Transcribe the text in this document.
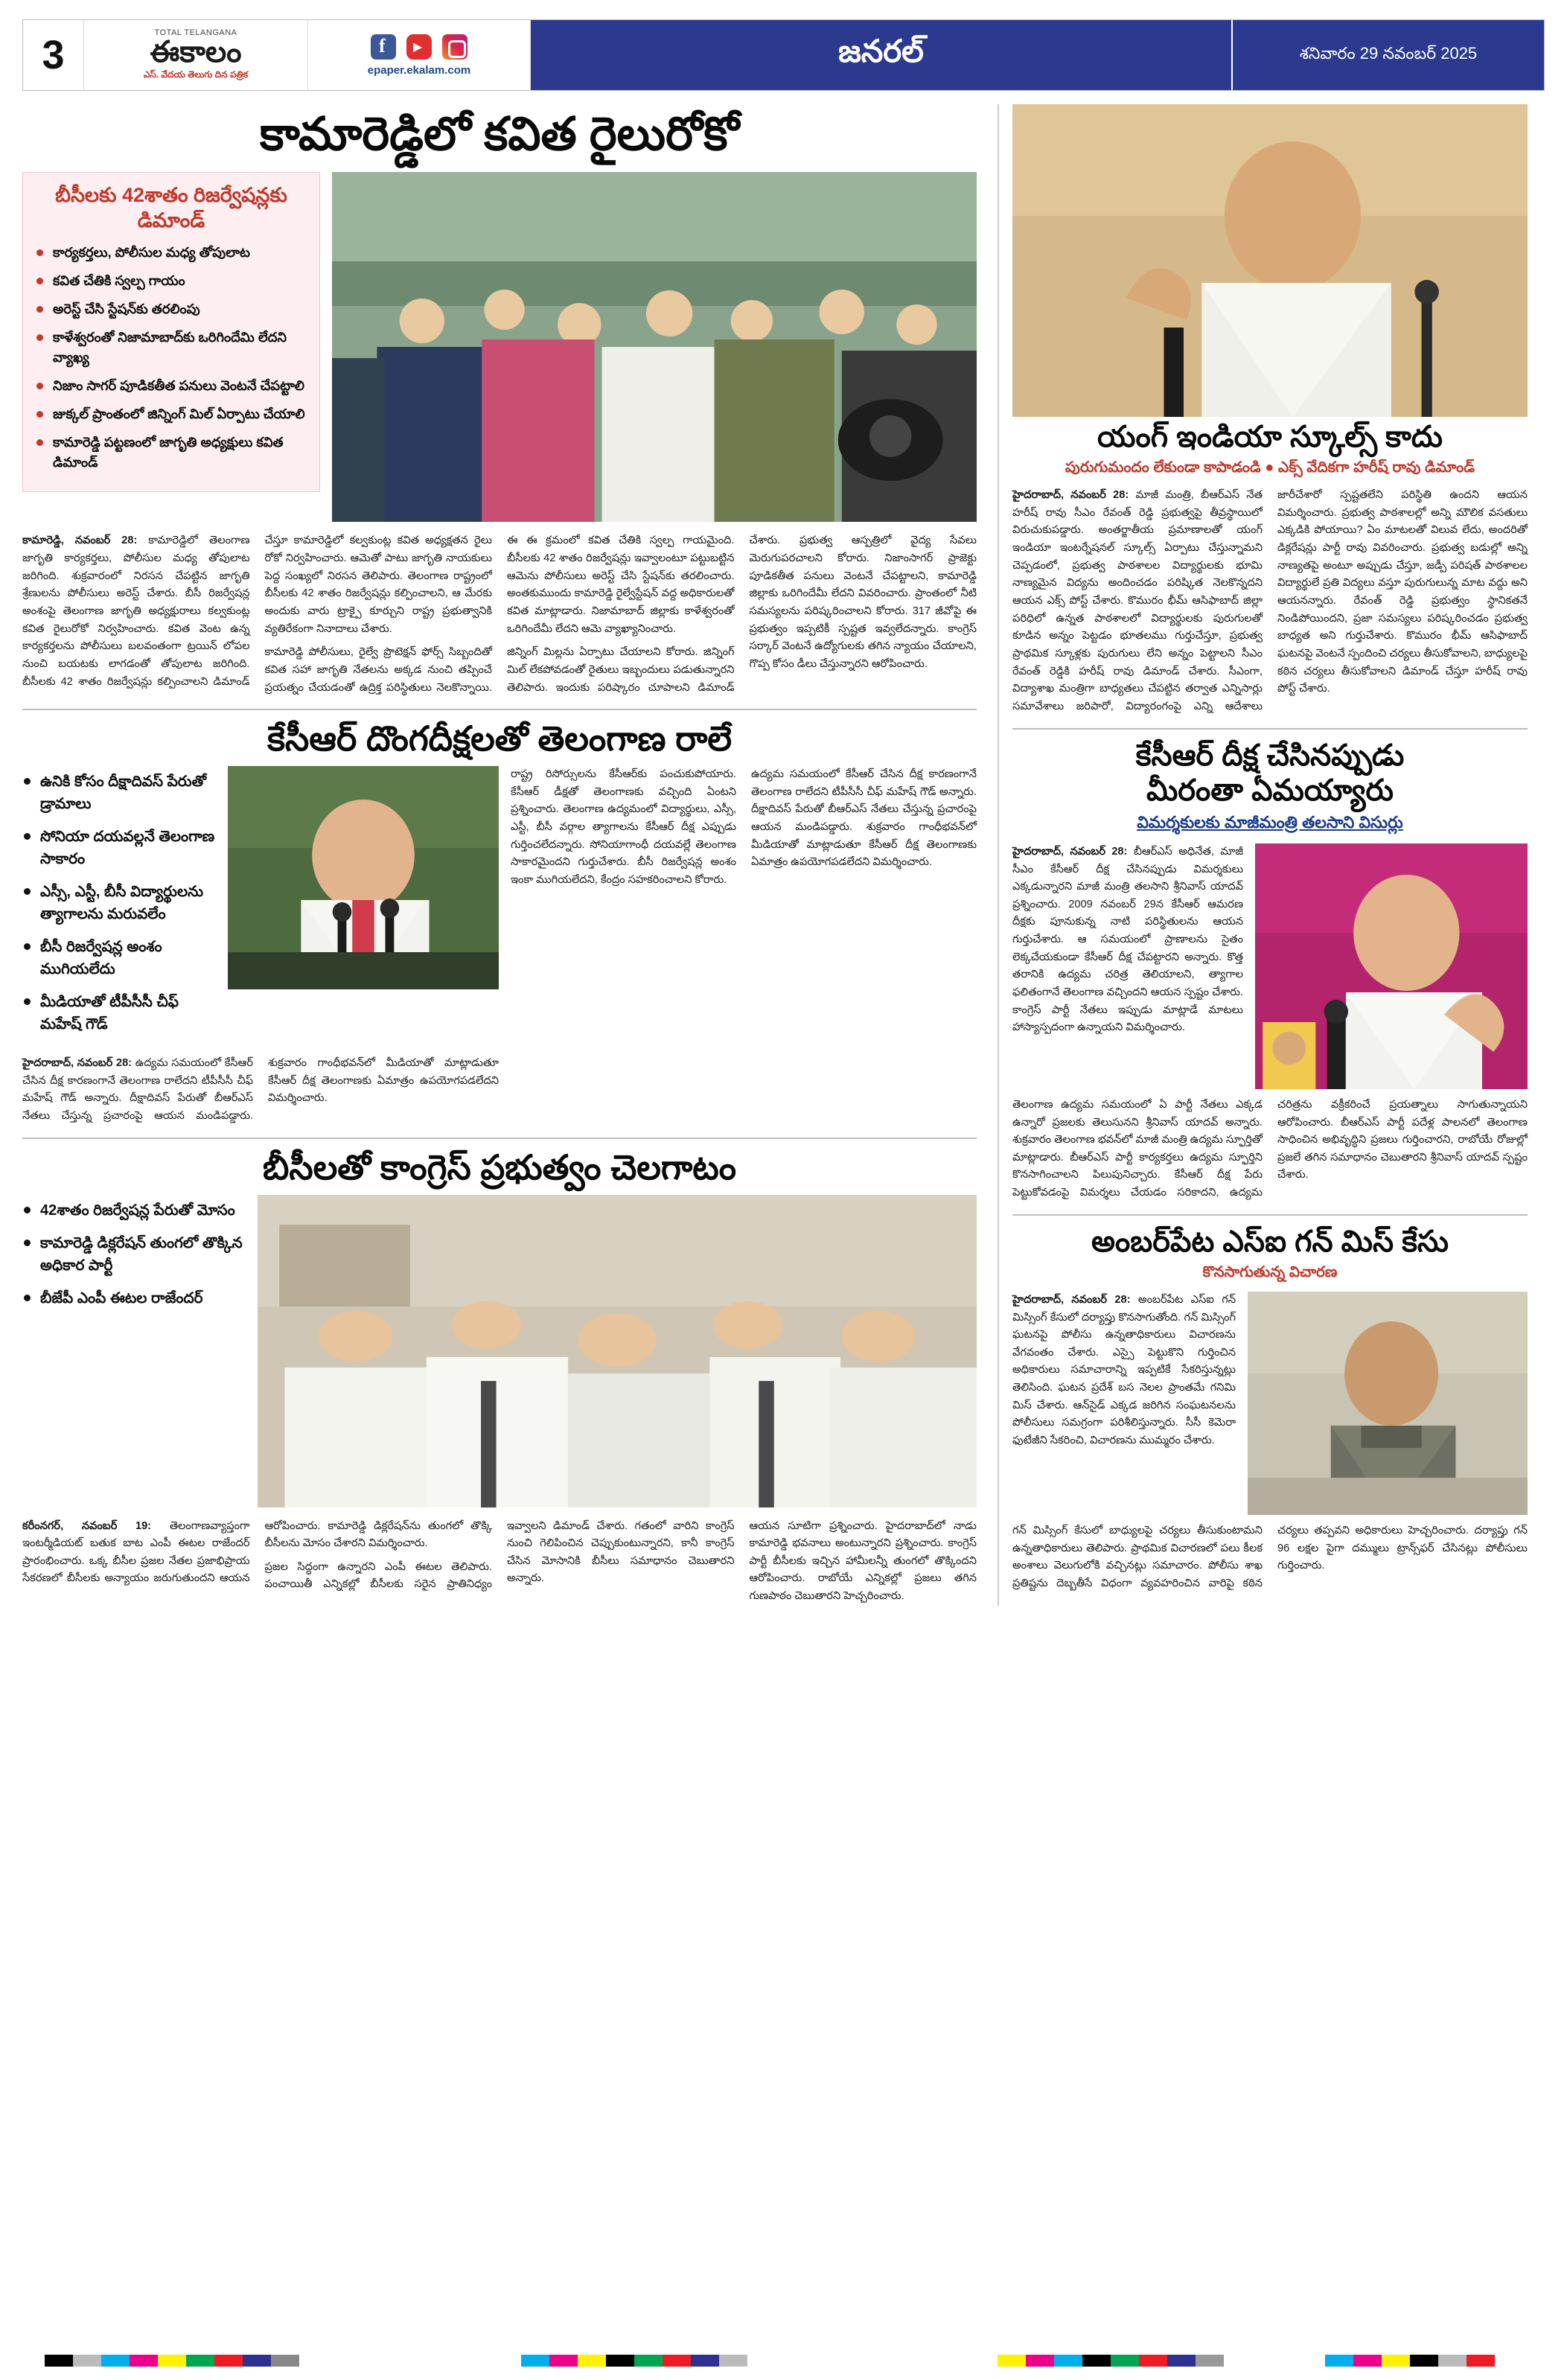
3	TOTAL TELANGANA
ఈకాలం
ఎస్. వేదయ తెలుగు దిన పత్రిక
f
▶	epaper.ekalam.com
జనరల్	శనివారం 29 నవంబర్ 2025
కామారెడ్డిలో కవిత రైలురోకో
బీసీలకు 42శాతం రిజర్వేషన్లకు డిమాండ్
కార్యకర్తలు, పోలీసుల మధ్య తోపులాట
కవిత చేతికి స్వల్ప గాయం
అరెస్ట్ చేసి స్టేషన్‌కు తరలింపు
కాళేశ్వరంతో నిజామాబాద్‌కు ఒరిగిందేమి లేదని వ్యాఖ్య
నిజాం సాగర్ పూడికతీత పనులు వెంటనే చేపట్టాలి
జుక్కల్ ప్రాంతంలో జిన్నింగ్ మిల్ ఏర్పాటు చేయాలి
కామారెడ్డి పట్టణంలో జాగృతి అధ్యక్షులు కవిత డిమాండ్

కామారెడ్డి, నవంబర్ 28: కామారెడ్డిలో తెలంగాణ జాగృతి కార్యకర్తలు, పోలీసుల మధ్య తోపులాట జరిగింది. శుక్రవారంలో నిరసన చేపట్టిన జాగృతి శ్రేణులను పోలీసులు అరెస్ట్ చేశారు. బీసీ రిజర్వేషన్ల అంశంపై తెలంగాణ జాగృతి అధ్యక్షురాలు కల్వకుంట్ల కవిత రైలురోకో నిర్వహించారు. కవిత వెంట ఉన్న కార్యకర్తలను పోలీసులు బలవంతంగా ట్రయిన్ లోపల నుంచి బయటకు లాగడంతో తోపులాట జరిగింది. బీసీలకు 42 శాతం రిజర్వేషన్లు కల్పించాలని డిమాండ్ చేస్తూ కామారెడ్డిలో కల్వకుంట్ల కవిత అధ్యక్షతన రైలు రోకో నిర్వహించారు. ఆమెతో పాటు జాగృతి నాయకులు పెద్ద సంఖ్యలో నిరసన తెలిపారు. తెలంగాణ రాష్ట్రంలో బీసీలకు 42 శాతం రిజర్వేషన్లు కల్పించాలని, ఆ మేరకు అందుకు వారు ట్రాక్పై కూర్చుని రాష్ట్ర ప్రభుత్వానికి వ్యతిరేకంగా నినాదాలు చేశారు.

కామారెడ్డి పోలీసులు, రైల్వే ప్రొటెక్షన్ ఫోర్స్ సిబ్బందితో కవిత సహా జాగృతి నేతలను అక్కడ నుంచి తప్పించే ప్రయత్నం చేయడంతో ఉద్రిక్త పరిస్థితులు నెలకొన్నాయి. ఈ ఈ క్రమంలో కవిత చేతికి స్వల్ప గాయమైంది. బీసీలకు 42 శాతం రిజర్వేషన్లు ఇవ్వాలంటూ పట్టుబట్టిన ఆమెను పోలీసులు అరెస్ట్ చేసి స్టేషన్‌కు తరలించారు. అంతకుముందు కామారెడ్డి రైల్వేస్టేషన్ వద్ద అధికారులతో కవిత మాట్లాడారు. నిజామాబాద్ జిల్లాకు కాళేశ్వరంతో ఒరిగిందేమీ లేదని ఆమె వ్యాఖ్యానించారు.

జిన్నింగ్ మిల్లను ఏర్పాటు చేయాలని కోరారు. జిన్నింగ్ మిల్ లేకపోవడంతో రైతులు ఇబ్బందులు పడుతున్నారని తెలిపారు. ఇందుకు పరిష్కారం చూపాలని డిమాండ్ చేశారు. ప్రభుత్వ ఆస్పత్రిలో వైద్య సేవలు మెరుగుపరచాలని కోరారు. నిజాంసాగర్ ప్రాజెక్టు పూడికతీత పనులు వెంటనే చేపట్టాలని, కామారెడ్డి జిల్లాకు ఒరిగిందేమీ లేదని వివరించారు. ప్రాంతంలో నీటి సమస్యలను పరిష్కరించాలని కోరారు. 317 జీవోపై ఈ ప్రభుత్వం ఇప్పటికీ స్పష్టత ఇవ్వలేదన్నారు. కాంగ్రెస్ సర్కార్ వెంటనే ఉద్యోగులకు తగిన న్యాయం చేయాలని, గొప్ప కోసం డీలు చేస్తున్నారని ఆరోపించారు.

కేసీఆర్ దొంగదీక్షలతో తెలంగాణ రాలే
ఉనికి కోసం దీక్షాదివస్ పేరుతో డ్రామాలు
సోనియా దయవల్లనే తెలంగాణ సాకారం
ఎస్సీ, ఎస్టీ, బీసీ విద్యార్థులను త్యాగాలను మరువలేం
బీసీ రిజర్వేషన్ల అంశం ముగియలేదు
మీడియాతో టీపీసీసీ చీఫ్ మహేష్ గౌడ్

హైదరాబాద్, నవంబర్ 28: ఉద్యమ సమయంలో కేసీఆర్ చేసిన దీక్ష కారణంగానే తెలంగాణ రాలేదని టీపీసీసీ చీఫ్ మహేష్ గౌడ్ అన్నారు. దీక్షాదివస్ పేరుతో బీఆర్ఎస్ నేతలు చేస్తున్న ప్రచారంపై ఆయన మండిపడ్డారు. శుక్రవారం గాంధీభవన్‌లో మీడియాతో మాట్లాడుతూ కేసీఆర్ దీక్ష తెలంగాణకు ఏమాత్రం ఉపయోగపడలేదని విమర్శించారు.

రాష్ట్ర రిసోర్సులను కేసీఆర్‌కు పంచుకుపోయారు. కేసీఆర్ డీక్షతో తెలంగాణకు వచ్చింది ఏంటని ప్రశ్నించారు. తెలంగాణ ఉద్యమంలో విద్యార్థులు, ఎస్సీ, ఎస్టీ, బీసీ వర్గాల త్యాగాలను కేసీఆర్ దీక్ష ఎప్పుడు గుర్తించలేదన్నారు. సోనియాగాంధీ దయవల్లే తెలంగాణ సాకారమైందని గుర్తుచేశారు. బీసీ రిజర్వేషన్ల అంశం ఇంకా ముగియలేదని, కేంద్రం సహకరించాలని కోరారు.

ఉద్యమ సమయంలో కేసీఆర్ చేసిన దీక్ష కారణంగానే తెలంగాణ రాలేదని టీపీసీసీ చీఫ్ మహేష్ గౌడ్ అన్నారు. దీక్షాదివస్ పేరుతో బీఆర్ఎస్ నేతలు చేస్తున్న ప్రచారంపై ఆయన మండిపడ్డారు. శుక్రవారం గాంధీభవన్‌లో మీడియాతో మాట్లాడుతూ కేసీఆర్ దీక్ష తెలంగాణకు ఏమాత్రం ఉపయోగపడలేదని విమర్శించారు.

బీసీలతో కాంగ్రెస్ ప్రభుత్వం చెలగాటం
42శాతం రిజర్వేషన్ల పేరుతో మోసం
కామారెడ్డి డిక్లరేషన్ తుంగలో తొక్కిన అధికార పార్టీ
బీజేపీ ఎంపీ ఈటల రాజేందర్

కరీంనగర్, నవంబర్ 19: తెలంగాణవ్యాప్తంగా ఇంటర్మీడియట్ బతుక బాట ఎంపీ ఈటల రాజేందర్ ప్రారంభించారు. ఒక్క బీసీల ప్రజల నేతల ప్రజాభిప్రాయ సేకరణలో బీసీలకు అన్యాయం జరుగుతుందని ఆయన ఆరోపించారు. కామారెడ్డి డిక్లరేషన్‌ను తుంగలో తొక్కి బీసీలను మోసం చేశారని విమర్శించారు.

ప్రజల సిద్ధంగా ఉన్నారని ఎంపీ ఈటల తెలిపారు. పంచాయితీ ఎన్నికల్లో బీసీలకు సరైన ప్రాతినిధ్యం ఇవ్వాలని డిమాండ్ చేశారు. గతంలో వారిని కాంగ్రెస్ నుంచి గెలిపించిన చెప్పుకుంటున్నారని, కానీ కాంగ్రెస్ చేసిన మోసానికి బీసీలు సమాధానం చెబుతారని అన్నారు.

ఆయన సూటిగా ప్రశ్నించారు. హైదరాబాద్‌లో నాడు కామారెడ్డి భవనాలు అంటున్నారని ప్రశ్నించారు. కాంగ్రెస్ పార్టీ బీసీలకు ఇచ్చిన హామీలన్నీ తుంగలో తొక్కిందని ఆరోపించారు. రాబోయే ఎన్నికల్లో ప్రజలు తగిన గుణపాఠం చెబుతారని హెచ్చరించారు.

యంగ్ ఇండియా స్కూల్స్ కాదు
పురుగుమందం లేకుండా కాపాడండి ● ఎక్స్ వేదికగా హరీష్ రావు డిమాండ్

హైదరాబాద్, నవంబర్ 28: మాజీ మంత్రి, బీఆర్ఎస్ నేత హరీష్ రావు సీఎం రేవంత్ రెడ్డి ప్రభుత్వపై తీవ్రస్థాయిలో విరుచుకుపడ్డారు. అంతర్జాతీయ ప్రమాణాలతో యంగ్ ఇండియా ఇంటర్నేషనల్ స్కూల్స్ ఏర్పాటు చేస్తున్నామని చెప్పడంలో, ప్రభుత్వ పాఠశాలల విద్యార్థులకు భూమి నాణ్యమైన విద్యను అందించడం పరిష్కిత నెలకొన్నదని ఆయన ఎక్స్ పోస్ట్ చేశారు. కొమురం భీమ్ ఆసిఫాబాద్ జిల్లా పరిధిలో ఉన్నత పాఠశాలలో విద్యార్థులకు పురుగులతో కూడిన అన్నం పెట్టడం భూతలము గుర్తుచేస్తూ, ప్రభుత్వ ప్రాథమిక స్కూళ్లకు పురుగులు లేని అన్నం పెట్టాలని సీఎం రేవంత్ రెడ్డికి హరీష్ రావు డిమాండ్ చేశారు. సీఎంగా, విద్యాశాఖ మంత్రిగా బాధ్యతలు చేపట్టిన తర్వాత ఎన్నిసార్లు సమావేశాలు జరిపారో, విద్యారంగంపై ఎన్ని ఆదేశాలు జారీచేశారో స్పష్టతలేని పరిస్థితి ఉందని ఆయన విమర్శించారు. ప్రభుత్వ పాఠశాలల్లో అన్ని మౌలిక వసతులు ఎక్కడికి పోయాయి? ఏం మాటలతో విలువ లేదు, అందరితో డిక్లరేషన్లు పార్టీ రావు వివరించారు. ప్రభుత్వ బడుల్లో అన్ని నాణ్యతపై అంటూ అప్పుడు చేస్తూ, జడ్పీ పరిషత్ పాఠశాలల విద్యార్థులే ప్రతి విద్యలు వస్తూ పురుగులున్న మాట వద్దు అని ఆయనన్నారు. రేవంత్ రెడ్డి ప్రభుత్వం స్థానికతనే నిండిపోయిందని, ప్రజా సమస్యలు పరిష్కరించడం ప్రభుత్వ బాధ్యత అని గుర్తుచేశారు. కొమురం భీమ్ ఆసిఫాబాద్ ఘటనపై వెంటనే స్పందించి చర్యలు తీసుకోవాలని, బాధ్యులపై కఠిన చర్యలు తీసుకోవాలని డిమాండ్ చేస్తూ హరీష్ రావు పోస్ట్ చేశారు.

కేసీఆర్ దీక్ష చేసినప్పుడు
మీరంతా ఏమయ్యారు
విమర్శకులకు మాజీమంత్రి తలసాని విసుర్లు

హైదరాబాద్, నవంబర్ 28: బీఆర్ఎస్ అధినేత, మాజీ సీఎం కేసీఆర్ దీక్ష చేసినప్పుడు విమర్శకులు ఎక్కడున్నారని మాజీ మంత్రి తలసాని శ్రీనివాస్ యాదవ్ ప్రశ్నించారు. 2009 నవంబర్ 29న కేసీఆర్ ఆమరణ దీక్షకు పూనుకున్న నాటి పరిస్థితులను ఆయన గుర్తుచేశారు. ఆ సమయంలో ప్రాణాలను సైతం లెక్కచేయకుండా కేసీఆర్ దీక్ష చేపట్టారని అన్నారు. కొత్త తరానికి ఉద్యమ చరిత్ర తెలియాలని, త్యాగాల ఫలితంగానే తెలంగాణ వచ్చిందని ఆయన స్పష్టం చేశారు. కాంగ్రెస్ పార్టీ నేతలు ఇప్పుడు మాట్లాడే మాటలు హాస్యాస్పదంగా ఉన్నాయని విమర్శించారు.

తెలంగాణ ఉద్యమ సమయంలో ఏ పార్టీ నేతలు ఎక్కడ ఉన్నారో ప్రజలకు తెలుసునని శ్రీనివాస్ యాదవ్ అన్నారు. శుక్రవారం తెలంగాణ భవన్‌లో మాజీ మంత్రి ఉద్యమ స్ఫూర్తితో మాట్లాడారు. బీఆర్ఎస్ పార్టీ కార్యకర్తలు ఉద్యమ స్ఫూర్తిని కొనసాగించాలని పిలుపునిచ్చారు. కేసీఆర్ దీక్ష పేరు పెట్టుకోవడంపై విమర్శలు చేయడం సరికాదని, ఉద్యమ చరిత్రను వక్రీకరించే ప్రయత్నాలు సాగుతున్నాయని ఆరోపించారు. బీఆర్ఎస్ పార్టీ పదేళ్ల పాలనలో తెలంగాణ సాధించిన అభివృద్ధిని ప్రజలు గుర్తించారని, రాబోయే రోజుల్లో ప్రజలే తగిన సమాధానం చెబుతారని శ్రీనివాస్ యాదవ్ స్పష్టం చేశారు.

అంబర్‌పేట ఎస్‌ఐ గన్ మిస్ కేసు
కొనసాగుతున్న విచారణ

హైదరాబాద్, నవంబర్ 28: అంబర్‌పేట ఎస్‌ఐ గన్ మిస్సింగ్ కేసులో దర్యాప్తు కొనసాగుతోంది. గన్ మిస్సింగ్ ఘటనపై పోలీసు ఉన్నతాధికారులు విచారణను వేగవంతం చేశారు. ఎస్సై పెట్టుకొని గుర్తించిన అధికారులు సమాచారాన్ని ఇప్పటికే సేకరిస్తున్నట్లు తెలిసింది. ఘటన ప్రదేశ్ బస నెలల ప్రాంతమే గనిమి మిస్ చేశారు. ఆన్‌సైడ్ ఎక్కడ జరిగిన సంఘటనలను పోలీసులు సమగ్రంగా పరిశీలిస్తున్నారు. సీసీ కెమెరా ఫుటేజీని సేకరించి, విచారణను ముమ్మరం చేశారు.

గన్ మిస్సింగ్ కేసులో బాధ్యులపై చర్యలు తీసుకుంటామని ఉన్నతాధికారులు తెలిపారు. ప్రాథమిక విచారణలో పలు కీలక అంశాలు వెలుగులోకి వచ్చినట్లు సమాచారం. పోలీసు శాఖ ప్రతిష్టను దెబ్బతీసే విధంగా వ్యవహరించిన వారిపై కఠిన చర్యలు తప్పవని అధికారులు హెచ్చరించారు. దర్యాప్తు గన్ 96 లక్షల పైగా దమ్ములు ట్రాన్స్‌ఫర్ చేసినట్లు పోలీసులు గుర్తించారు.
